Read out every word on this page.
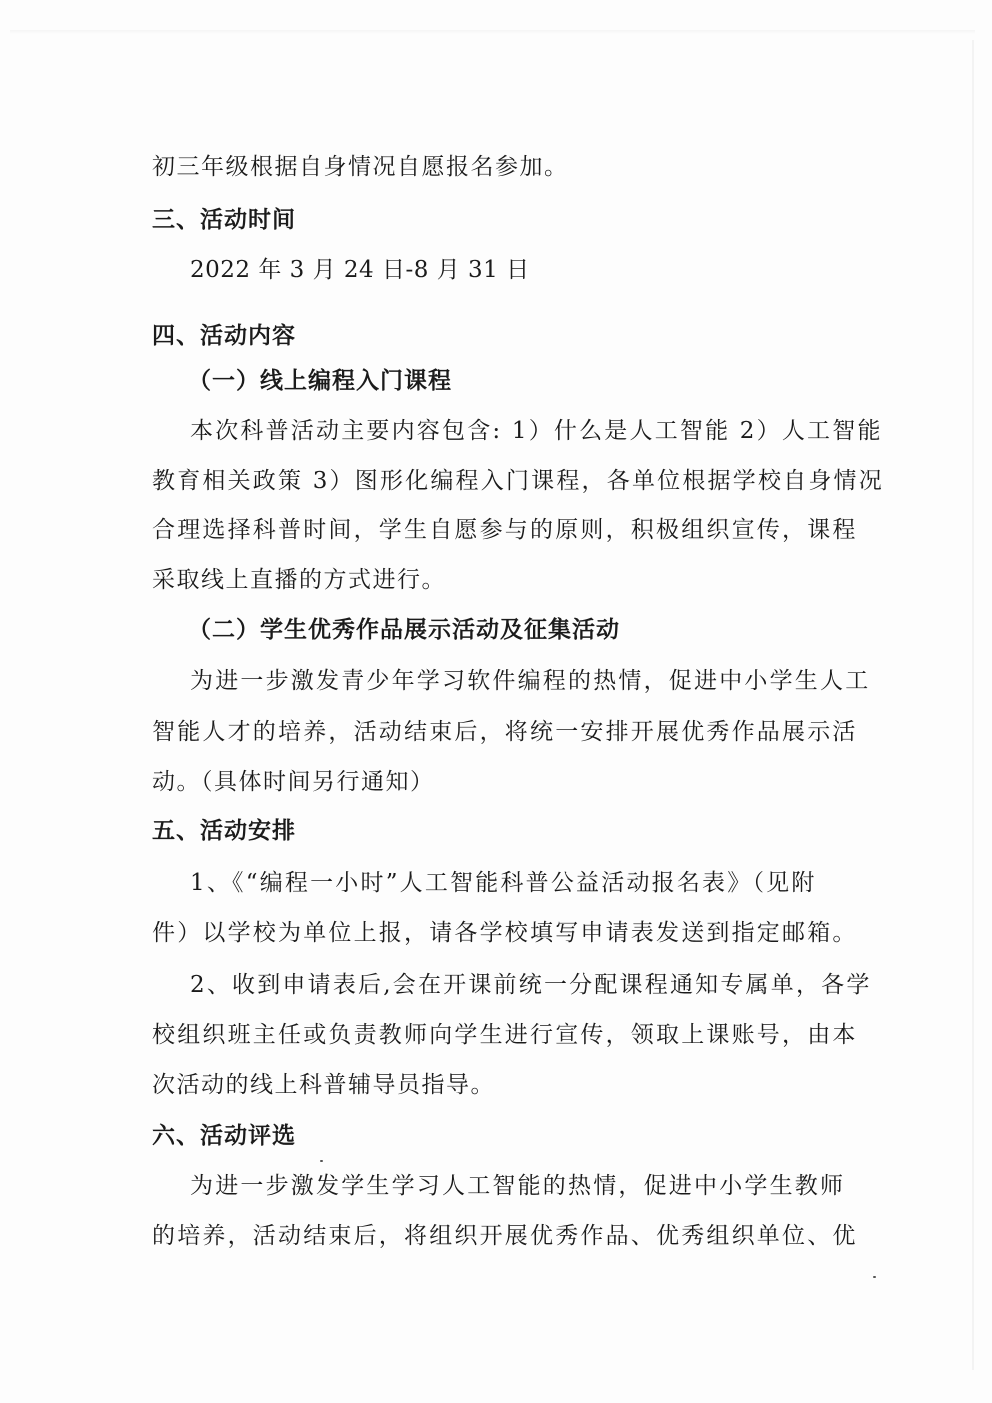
初三年级根据自身情况自愿报名参加。
三、活动时间
2022 年 3 月 24 日-8 月 31 日
四、活动内容
（一）线上编程入门课程
本次科普活动主要内容包含: 1）什么是人工智能 2）人工智能
教育相关政策 3）图形化编程入门课程，各单位根据学校自身情况
合理选择科普时间，学生自愿参与的原则，积极组织宣传，课程
采取线上直播的方式进行。
（二）学生优秀作品展示活动及征集活动
为进一步激发青少年学习软件编程的热情，促进中小学生人工
智能人才的培养，活动结束后，将统一安排开展优秀作品展示活
动。（具体时间另行通知）
五、活动安排
1、《“编程一小时”人工智能科普公益活动报名表》（见附
件）以学校为单位上报，请各学校填写申请表发送到指定邮箱。
2、收到申请表后,会在开课前统一分配课程通知专属单，各学
校组织班主任或负责教师向学生进行宣传，领取上课账号，由本
次活动的线上科普辅导员指导。
六、活动评选
为进一步激发学生学习人工智能的热情，促进中小学生教师
的培养，活动结束后，将组织开展优秀作品、优秀组织单位、优
